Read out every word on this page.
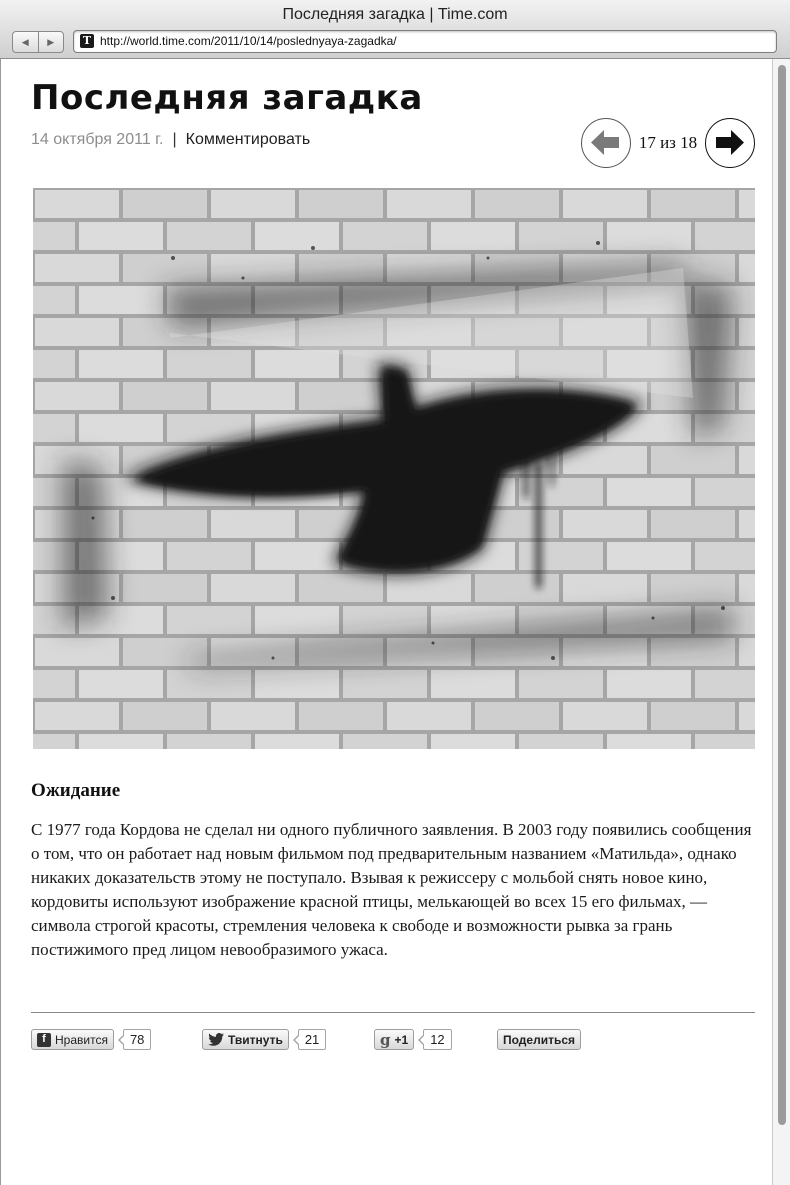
Последняя загадка | Time.com
◀	▶	T http://world.time.com/2011/10/14/poslednyaya-zagadka/
Последняя загадка
14 октября 2011 г. | Комментировать	17 из 18
Ожидание

С 1977 года Кордова не сделал ни одного публичного заявления. В 2003 году появились сообщения о том, что он работает над новым фильмом под предварительным названием «Матильда», однако никаких доказательств этому не поступало. Взывая к режиссеру с мольбой снять новое кино, кордовиты используют изображение красной птицы, мелькающей во всех 15 его фильмах, — символа строгой красоты, стремления человека к свободе и возможности рывка за грань постижимого пред лицом невообразимого ужаса.

f Нравится	78	Твитнуть	21	g +1	12	Поделиться
